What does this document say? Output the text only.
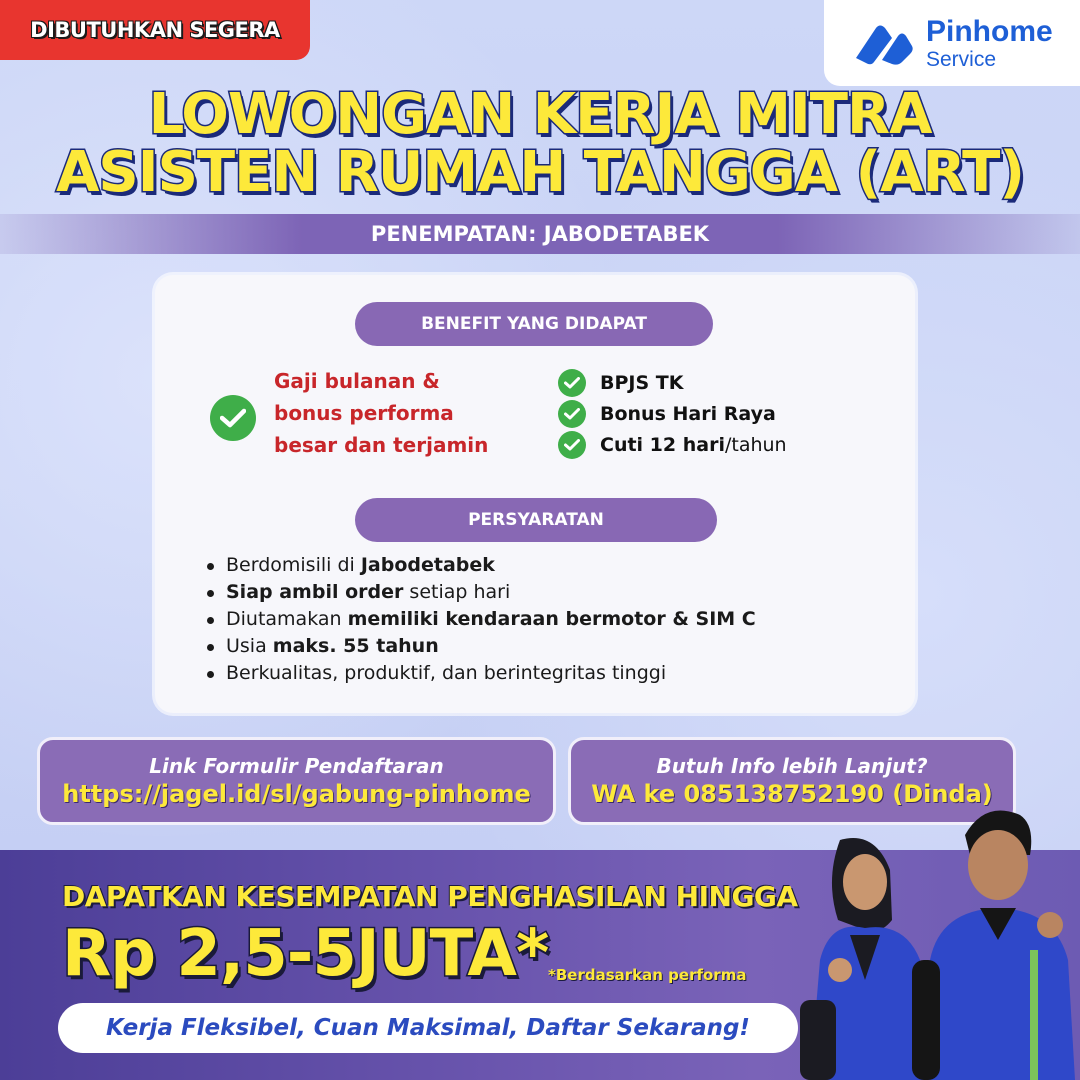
DIBUTUHKAN SEGERA	Pinhome
Service
LOWONGAN KERJA MITRA
ASISTEN RUMAH TANGGA (ART)
PENEMPATAN: JABODETABEK
BENEFIT YANG DIDAPAT
Gaji bulanan &
bonus performa
besar dan terjamin
BPJS TK
Bonus Hari Raya
Cuti 12 hari/tahun
PERSYARATAN
Berdomisili di Jabodetabek
Siap ambil order setiap hari
Diutamakan memiliki kendaraan bermotor & SIM C
Usia maks. 55 tahun
Berkualitas, produktif, dan berintegritas tinggi
Link Formulir Pendaftaran
https://jagel.id/sl/gabung-pinhome
Butuh Info lebih Lanjut?
WA ke 085138752190 (Dinda)
DAPATKAN KESEMPATAN PENGHASILAN HINGGA
Rp 2,5-5JUTA* *Berdasarkan performa
Kerja Fleksibel, Cuan Maksimal, Daftar Sekarang!
